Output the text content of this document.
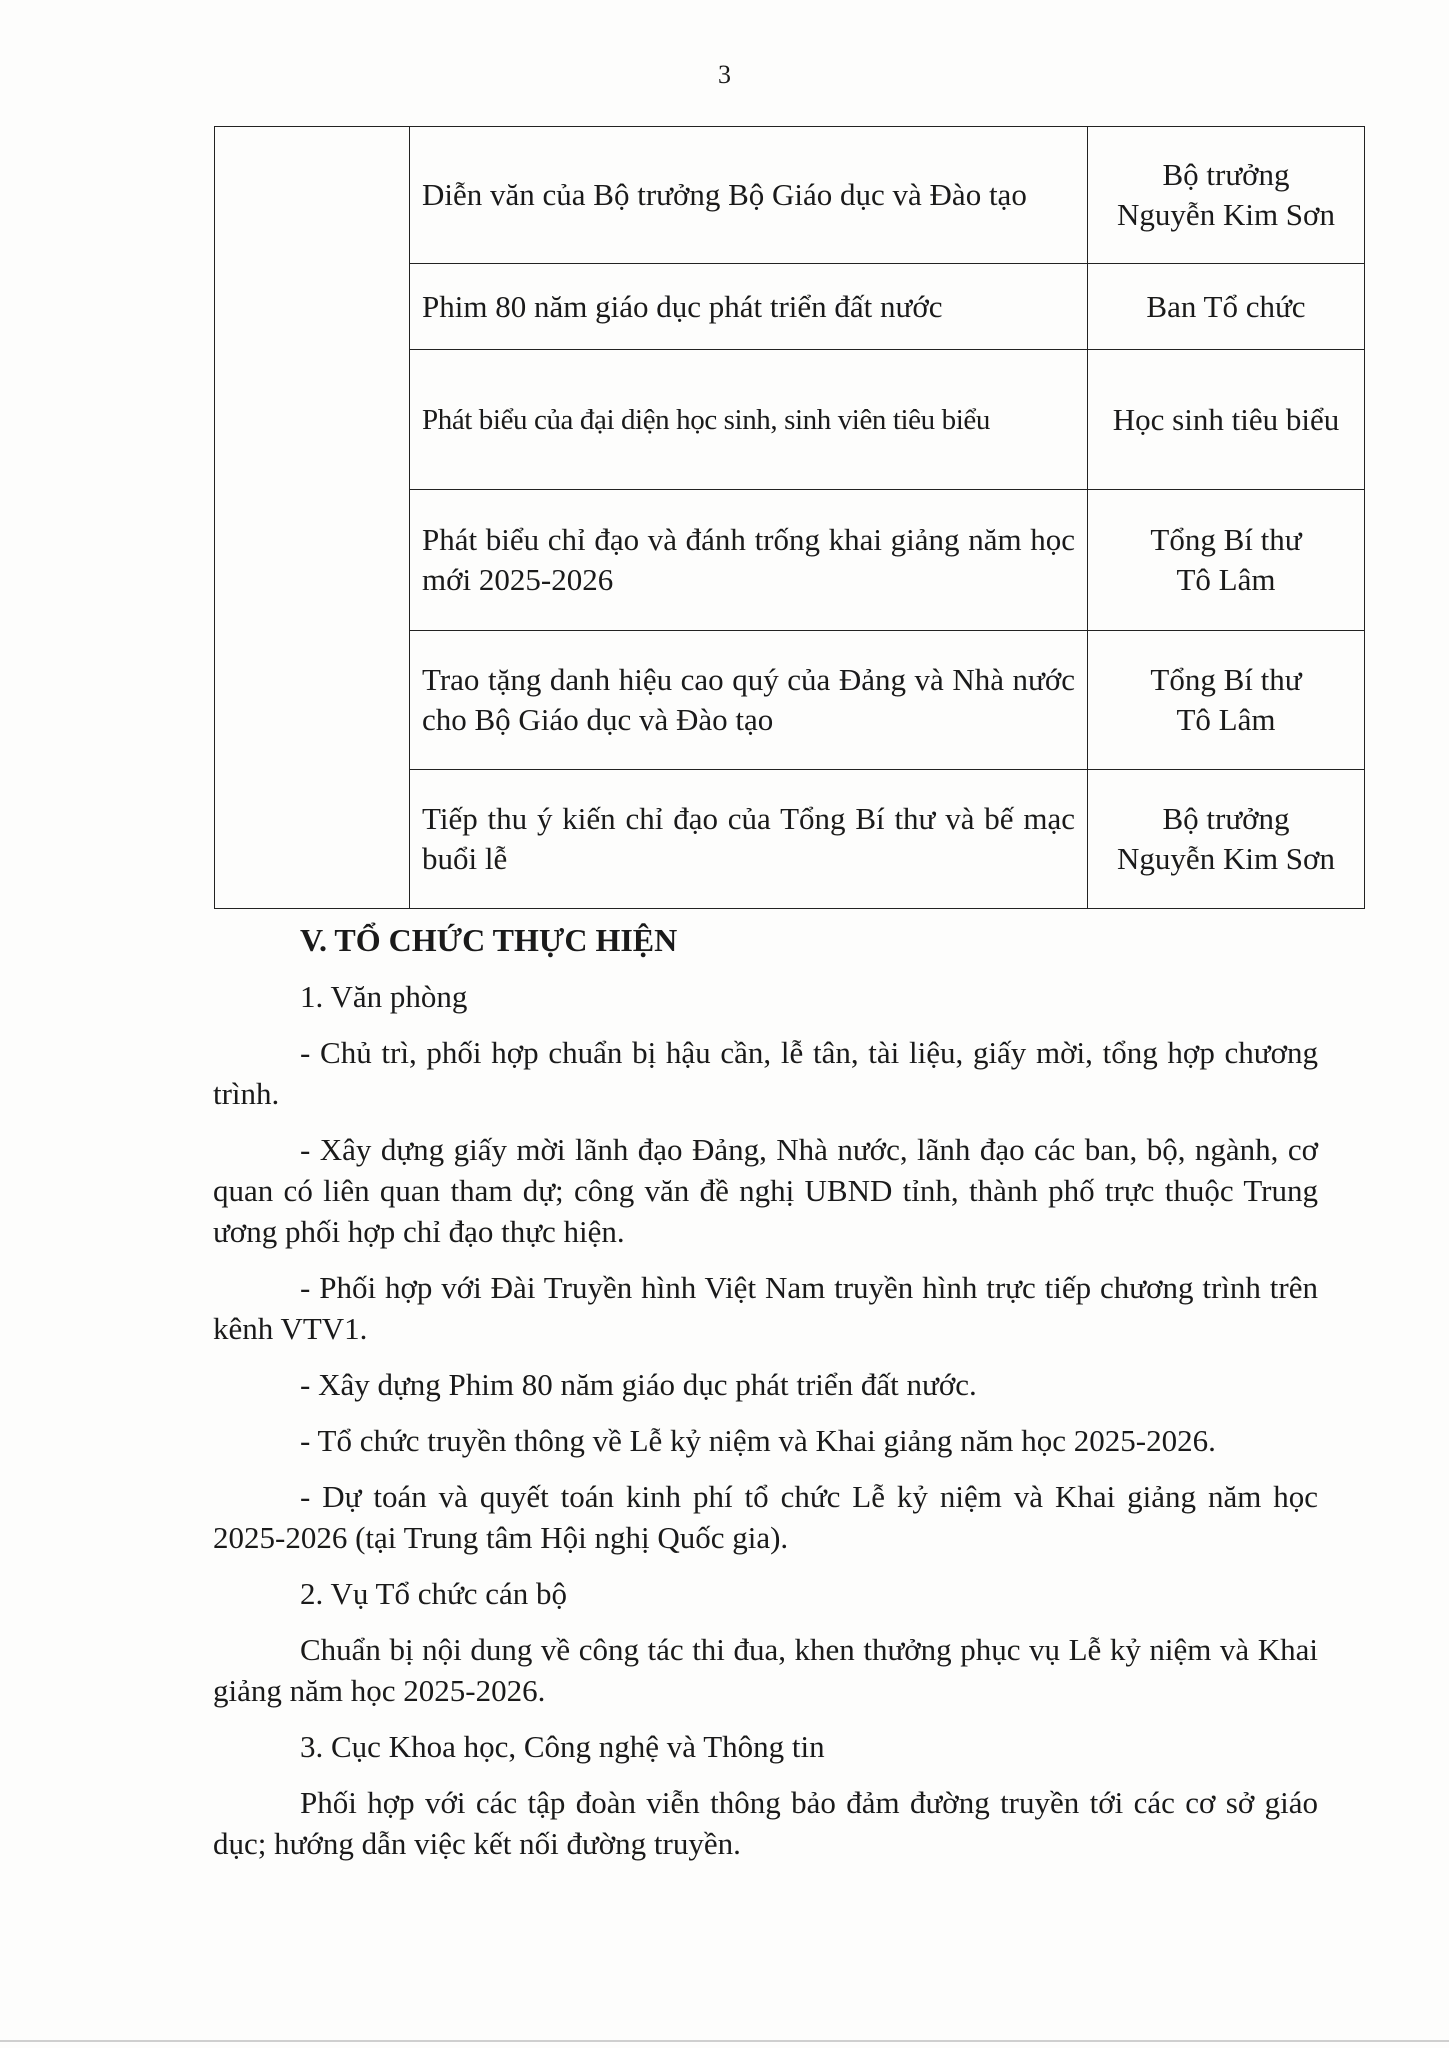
3
	Diễn văn của Bộ trưởng Bộ Giáo dục và Đào tạo	Bộ trưởng
Nguyễn Kim Sơn

	Phim 80 năm giáo dục phát triển đất nước	Ban Tổ chức

	Phát biểu của đại diện học sinh, sinh viên tiêu biểu	Học sinh tiêu biểu

	Phát biểu chỉ đạo và đánh trống khai giảng năm học mới 2025-2026	Tổng Bí thư
Tô Lâm

	Trao tặng danh hiệu cao quý của Đảng và Nhà nước cho Bộ Giáo dục và Đào tạo	Tổng Bí thư
Tô Lâm

	Tiếp thu ý kiến chỉ đạo của Tổng Bí thư và bế mạc buổi lễ	Bộ trưởng
Nguyễn Kim Sơn

V. TỔ CHỨC THỰC HIỆN

1. Văn phòng

- Chủ trì, phối hợp chuẩn bị hậu cần, lễ tân, tài liệu, giấy mời, tổng hợp chương trình.

- Xây dựng giấy mời lãnh đạo Đảng, Nhà nước, lãnh đạo các ban, bộ, ngành, cơ quan có liên quan tham dự; công văn đề nghị UBND tỉnh, thành phố trực thuộc Trung ương phối hợp chỉ đạo thực hiện.

- Phối hợp với Đài Truyền hình Việt Nam truyền hình trực tiếp chương trình trên kênh VTV1.

- Xây dựng Phim 80 năm giáo dục phát triển đất nước.

- Tổ chức truyền thông về Lễ kỷ niệm và Khai giảng năm học 2025-2026.

- Dự toán và quyết toán kinh phí tổ chức Lễ kỷ niệm và Khai giảng năm học 2025-2026 (tại Trung tâm Hội nghị Quốc gia).

2. Vụ Tổ chức cán bộ

Chuẩn bị nội dung về công tác thi đua, khen thưởng phục vụ Lễ kỷ niệm và Khai giảng năm học 2025-2026.

3. Cục Khoa học, Công nghệ và Thông tin

Phối hợp với các tập đoàn viễn thông bảo đảm đường truyền tới các cơ sở giáo dục; hướng dẫn việc kết nối đường truyền.
